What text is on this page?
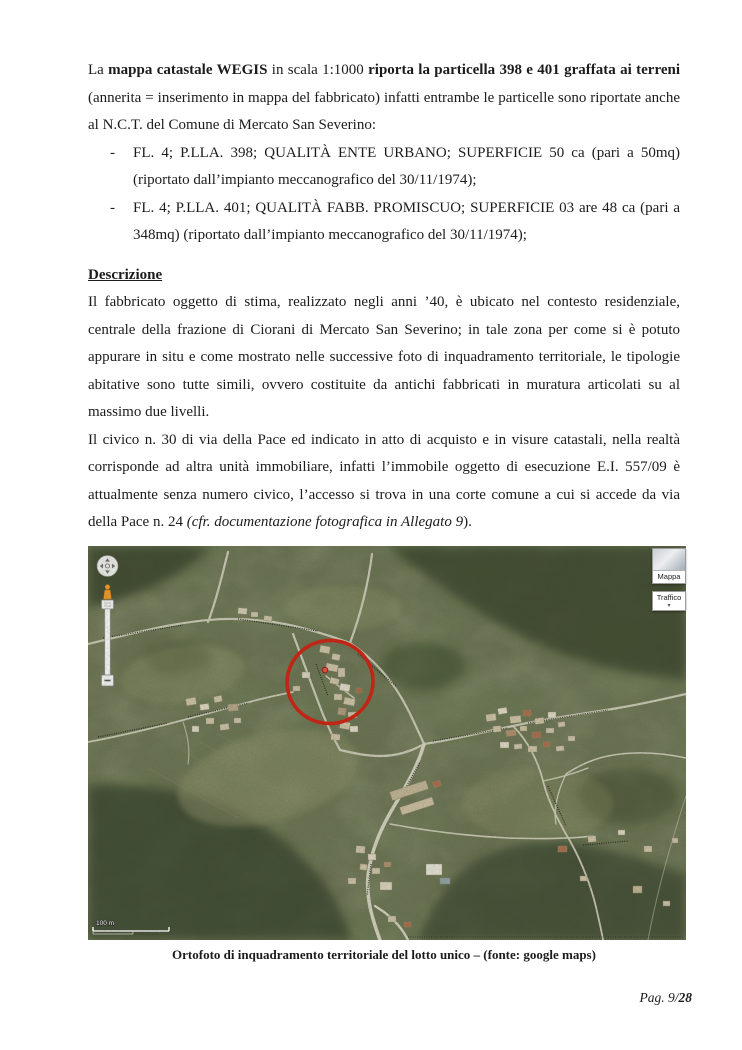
La mappa catastale WEGIS in scala 1:1000 riporta la particella 398 e 401 graffata ai terreni (annerita = inserimento in mappa del fabbricato) infatti entrambe le particelle sono riportate anche al N.C.T. del Comune di Mercato San Severino:

-	FL. 4; P.LLA. 398; QUALITÀ ENTE URBANO; SUPERFICIE 50 ca (pari a 50mq) (riportato dall’impianto meccanografico del 30/11/1974);
-	FL. 4; P.LLA. 401; QUALITÀ FABB. PROMISCUO; SUPERFICIE 03 are 48 ca (pari a 348mq) (riportato dall’impianto meccanografico del 30/11/1974);
Descrizione

Il fabbricato oggetto di stima, realizzato negli anni ’40, è ubicato nel contesto residenziale, centrale della frazione di Ciorani di Mercato San Severino; in tale zona per come si è potuto appurare in situ e come mostrato nelle successive foto di inquadramento territoriale, le tipologie abitative sono tutte simili, ovvero costituite da antichi fabbricati in muratura articolati su al massimo due livelli.

Il civico n. 30 di via della Pace ed indicato in atto di acquisto e in visure catastali, nella realtà corrisponde ad altra unità immobiliare, infatti l’immobile oggetto di esecuzione E.I. 557/09 è attualmente senza numero civico, l’accesso si trova in una corte comune a cui si accede da via della Pace n. 24 (cfr. documentazione fotografica in Allegato 9).

100 m
Mappa
Traffico
▾
Ortofoto di inquadramento territoriale del lotto unico – (fonte: google maps)
Pag. 9/28
